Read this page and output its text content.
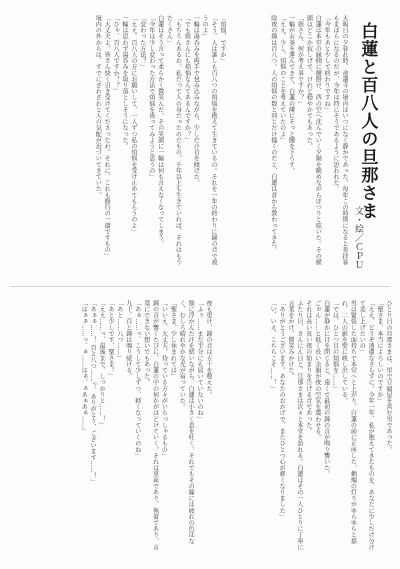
白蓮と百八人の旦那さま
文・絵／ＣＰＵ

大晦日の夕暮れ時、命蓮寺の境内はいつになく静かであった。毎年この時期になると参拝客もまばらになるのだが、今年は特にそうであるように思われた。

「今年もあと少しで終わりですね」

白蓮は本堂の縁側に腰掛け、西の空へ沈んでいく夕陽を眺めながらぽつりと呟いた。その横顔はどこか寂しげで、けれど穏やかでもあった。

「姐さん、何か考え事ですか？」

一輪がお茶を運んできて、白蓮の隣にそっと腰を下ろす。

「ええ、少し。煩悩のことを考えていたのよ」

除夜の鐘は百八つ。人の煩悩の数と同じだけ撞くのだと、白蓮は昔から教わってきた。

「煩悩、ですか」

「そう。人は誰しも百八つの煩悩を抱えて生きているの。それを一年の終わりに鐘の音で祓うのよ」

一輪は湯呑みを両手で包み込みながら、少しだけ首を傾げた。

「でも姐さんにも煩悩なんてあるんですか？」

「もちろんあるわ。私だって人の身だったのだもの。千年以上も生きていれば、それはもうたくさん」

白蓮はそう言って柔らかく微笑んだ。その笑顔に一輪は何も言えなくなってしまう。

「今年は少し変わった方法で煩悩を祓ってみようと思うの」

「変わった方法？」

「ええ。百八人の方にお願いして、一人ずつ私の煩悩を受け止めてもらうのよ」

一輪は思わず湯呑みを取り落としそうになった。

「ひゃ、百八人ですか！？」

「大丈夫よ。皆さん快く引き受けてくださったわ。それに、これも修行の一環ですもの」

境内の外からは、すでにざわざわと人の気配が近づいてきていた。

ひとり目の旦那さまは、里で豆腐屋を営む男であった。

「聖さま、本当によろしいのですか」

「ええ、どうぞ遠慮なさらずに。今年一年、私が抱えてきたものを、あなたに少しだけ分けて差し上げたいの」

男は緊張した面持ちで本堂へと上がり、白蓮の前に正座した。蝋燭の灯りがゆらゆらと揺れ、二人の影を壁に映し出している。

「では、ひとつ目の煩悩を……」

白蓮が静かに目を閉じると、遠くで最初の鐘の音が鳴り響いた。

ごぉん……と低く長い余韻が夜の空気を震わせる。

それは長い長い夜の始まりを告げる音であった。

ふたり目、さんにん目と、旦那さまは次々と本堂を訪れる。白蓮はその一人ひとりに丁寧に言葉をかけ、微笑みかけた。

「ありがとうございます。あなたのおかげで、またひとつ心が軽くなりました」

「い、いえ、こちらこそ……！」

夜も更け、鐘の音は五十を数えた。

「ふぅ……まだ半分にも届いていないのね」

額に浮かんだ汗を拭いながら、白蓮は小さく息を吐く。それでもその瞳には疲れの色はなく、むしろ晴れやかな光が宿っていた。

「聖さま、少し休まれては」

「いいえ、大丈夫。待っている方々がいらっしゃるもの」

鐘の音が響くたびに、白蓮の中の何かがほどけていく。それは重荷であり、執着であり、言葉にできない想いでもあった。

「あぁ……っ、こうして少しずつ、軽くなっていくのね」

九十、百と鐘は鳴り続ける。

「あと……八つ……」

「あと少しです、聖さま！」

「ええ……っ、最後まで、しっかりと……！」

「あぁぁ……！ 百と八つ……っ、ありがとう、ございます……！」

「はぁぁ……っ、ぁ……はぁ、ぁあぁあぁ……」
